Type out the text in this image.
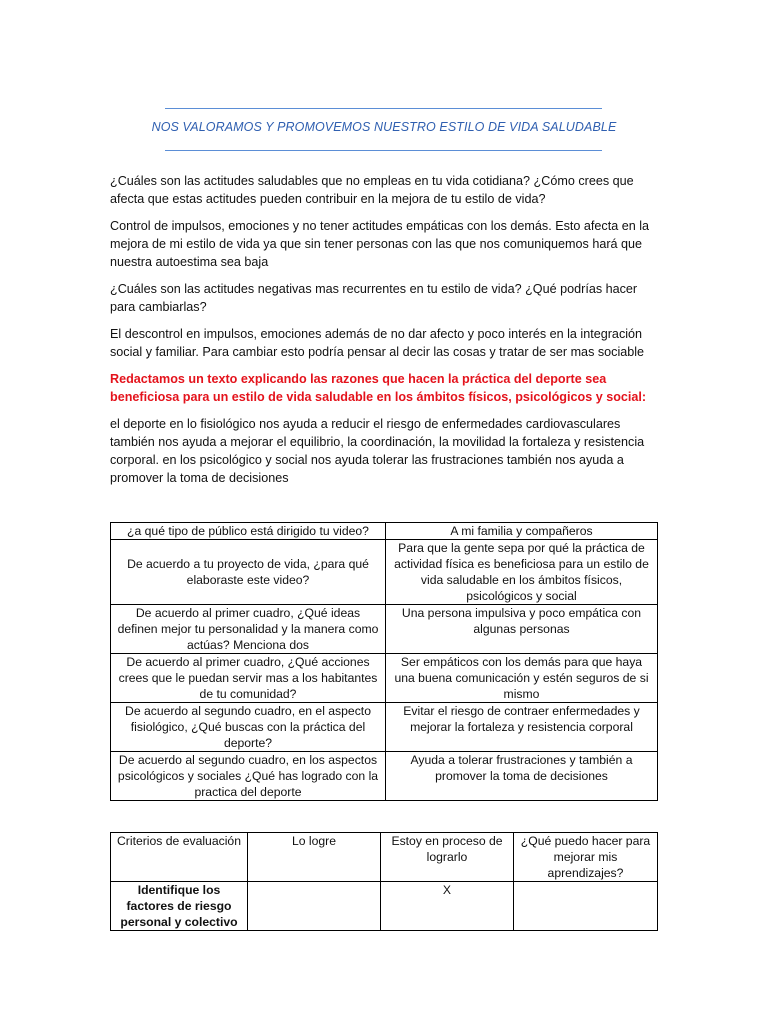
NOS VALORAMOS Y PROMOVEMOS NUESTRO ESTILO DE VIDA SALUDABLE

¿Cuáles son las actitudes saludables que no empleas en tu vida cotidiana? ¿Cómo crees que afecta que estas actitudes pueden contribuir en la mejora de tu estilo de vida?

Control de impulsos, emociones y no tener actitudes empáticas con los demás. Esto afecta en la mejora de mi estilo de vida ya que sin tener personas con las que nos comuniquemos hará que nuestra autoestima sea baja

¿Cuáles son las actitudes negativas mas recurrentes en tu estilo de vida? ¿Qué podrías hacer para cambiarlas?

El descontrol en impulsos, emociones además de no dar afecto y poco interés en la integración social y familiar. Para cambiar esto podría pensar al decir las cosas y tratar de ser mas sociable

Redactamos un texto explicando las razones que hacen la práctica del deporte sea beneficiosa para un estilo de vida saludable en los ámbitos físicos, psicológicos y social:

el deporte en lo fisiológico nos ayuda a reducir el riesgo de enfermedades cardiovasculares también nos ayuda a mejorar el equilibrio, la coordinación, la movilidad la fortaleza y resistencia corporal. en los psicológico y social nos ayuda tolerar las frustraciones también nos ayuda a promover la toma de decisiones

¿a qué tipo de público está dirigido tu video?	A mi familia y compañeros
De acuerdo a tu proyecto de vida, ¿para qué elaboraste este video?	Para que la gente sepa por qué la práctica de actividad física es beneficiosa para un estilo de vida saludable en los ámbitos físicos, psicológicos y social
De acuerdo al primer cuadro, ¿Qué ideas definen mejor tu personalidad y la manera como actúas? Menciona dos	Una persona impulsiva y poco empática con algunas personas
De acuerdo al primer cuadro, ¿Qué acciones crees que le puedan servir mas a los habitantes de tu comunidad?	Ser empáticos con los demás para que haya una buena comunicación y estén seguros de si mismo
De acuerdo al segundo cuadro, en el aspecto fisiológico, ¿Qué buscas con la práctica del deporte?	Evitar el riesgo de contraer enfermedades y mejorar la fortaleza y resistencia corporal
De acuerdo al segundo cuadro, en los aspectos psicológicos y sociales ¿Qué has logrado con la practica del deporte	Ayuda a tolerar frustraciones y también a promover la toma de decisiones
Criterios de evaluación	Lo logre	Estoy en proceso de lograrlo	¿Qué puedo hacer para mejorar mis aprendizajes?
Identifique los factores de riesgo personal y colectivo		X	
